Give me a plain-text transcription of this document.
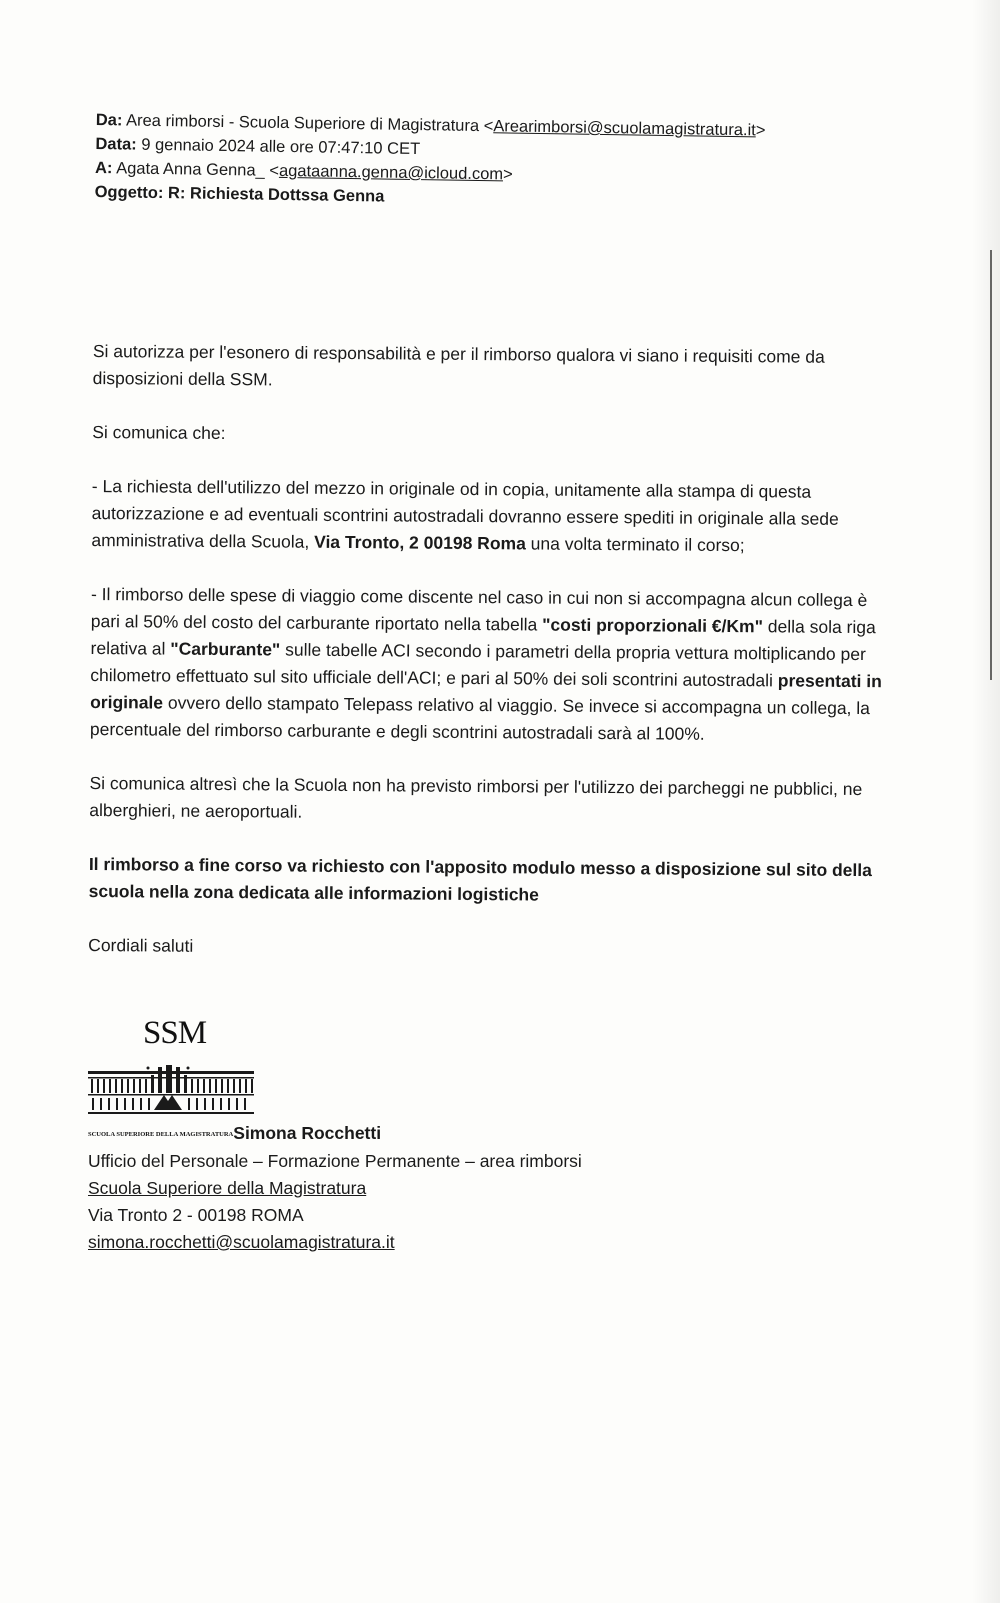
Da: Area rimborsi - Scuola Superiore di Magistratura <Arearimborsi@scuolamagistratura.it>
Data: 9 gennaio 2024 alle ore 07:47:10 CET
A: Agata Anna Genna_ <agataanna.genna@icloud.com>
Oggetto: R: Richiesta Dottssa Genna

Si autorizza per l'esonero di responsabilità e per il rimborso qualora vi siano i requisiti come da disposizioni della SSM.

Si comunica che:

- La richiesta dell'utilizzo del mezzo in originale od in copia, unitamente alla stampa di questa autorizzazione e ad eventuali scontrini autostradali dovranno essere spediti in originale alla sede amministrativa della Scuola, Via Tronto, 2 00198 Roma una volta terminato il corso;

- Il rimborso delle spese di viaggio come discente nel caso in cui non si accompagna alcun collega è pari al 50% del costo del carburante riportato nella tabella "costi proporzionali €/Km" della sola riga relativa al "Carburante" sulle tabelle ACI secondo i parametri della propria vettura moltiplicando per chilometro effettuato sul sito ufficiale dell'ACI; e pari al 50% dei soli scontrini autostradali presentati in originale ovvero dello stampato Telepass relativo al viaggio. Se invece si accompagna un collega, la percentuale del rimborso carburante e degli scontrini autostradali sarà al 100%.

Si comunica altresì che la Scuola non ha previsto rimborsi per l'utilizzo dei parcheggi ne pubblici, ne alberghieri, ne aeroportuali.

Il rimborso a fine corso va richiesto con l'apposito modulo messo a disposizione sul sito della scuola nella zona dedicata alle informazioni logistiche

Cordiali saluti

SSM
SCUOLA SUPERIORE DELLA MAGISTRATURASimona Rocchetti
Ufficio del Personale – Formazione Permanente – area rimborsi
Scuola Superiore della Magistratura
Via Tronto 2 - 00198 ROMA
simona.rocchetti@scuolamagistratura.it
